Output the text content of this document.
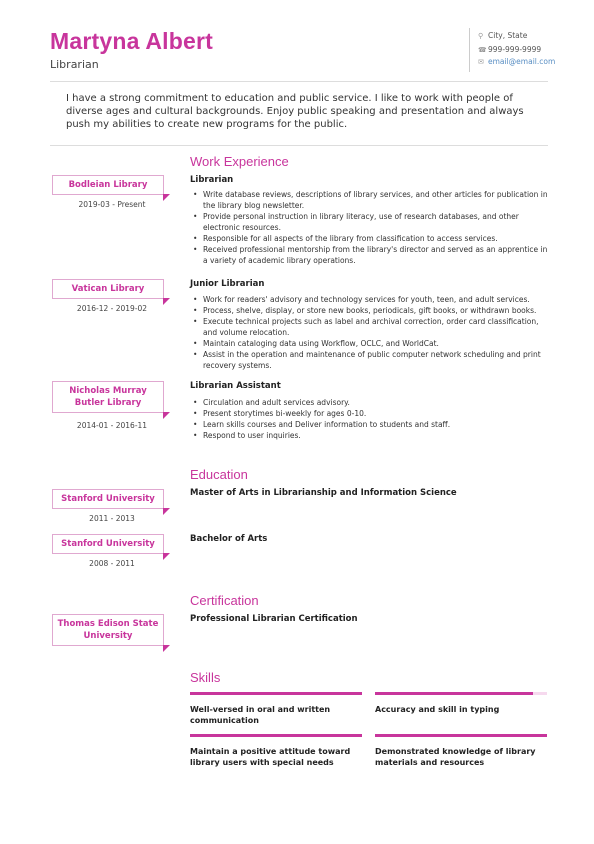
Martyna Albert
Librarian
⚲ City, State
☎999-999-9999
✉ email@email.com

I have a strong commitment to education and public service. I like to work with people of diverse ages and cultural backgrounds. Enjoy public speaking and presentation and always push my abilities to create new programs for the public.

Work Experience
Bodleian Library
2019-03 - Present
Librarian
• Write database reviews, descriptions of library services, and other articles for publication in the library blog newsletter.
• Provide personal instruction in library literacy, use of research databases, and other electronic resources.
• Responsible for all aspects of the library from classification to access services.
• Received professional mentorship from the library's director and served as an apprentice in a variety of academic library operations.
Vatican Library
2016-12 - 2019-02
Junior Librarian
• Work for readers' advisory and technology services for youth, teen, and adult services.
• Process, shelve, display, or store new books, periodicals, gift books, or withdrawn books.
• Execute technical projects such as label and archival correction, order card classification, and volume relocation.
• Maintain cataloging data using Workflow, OCLC, and WorldCat.
• Assist in the operation and maintenance of public computer network scheduling and print recovery systems.
Nicholas Murray Butler Library
2014-01 - 2016-11
Librarian Assistant
• Circulation and adult services advisory.
• Present storytimes bi-weekly for ages 0-10.
• Learn skills courses and Deliver information to students and staff.
• Respond to user inquiries.
Education
Stanford University
2011 - 2013
Master of Arts in Librarianship and Information Science
Stanford University
2008 - 2011
Bachelor of Arts
Certification
Thomas Edison State University
Professional Librarian Certification
Skills
Well-versed in oral and written communication
Accuracy and skill in typing
Maintain a positive attitude toward library users with special needs
Demonstrated knowledge of library materials and resources
